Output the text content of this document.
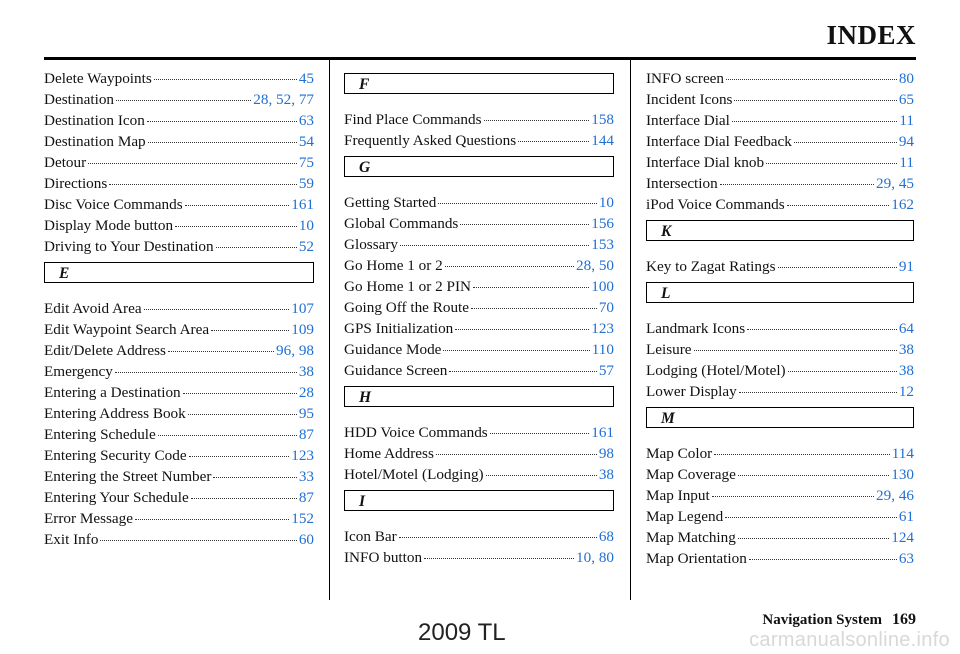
INDEX
Delete Waypoints	45
Destination	28, 52, 77
Destination Icon	63
Destination Map	54
Detour	75
Directions	59
Disc Voice Commands	161
Display Mode button	10
Driving to Your Destination	52
E
Edit Avoid Area	107
Edit Waypoint Search Area	109
Edit/Delete Address	96, 98
Emergency	38
Entering a Destination	28
Entering Address Book	95
Entering Schedule	87
Entering Security Code	123
Entering the Street Number	33
Entering Your Schedule	87
Error Message	152
Exit Info	60
F
Find Place Commands	158
Frequently Asked Questions	144
G
Getting Started	10
Global Commands	156
Glossary	153
Go Home 1 or 2	28, 50
Go Home 1 or 2 PIN	100
Going Off the Route	70
GPS Initialization	123
Guidance Mode	110
Guidance Screen	57
H
HDD Voice Commands	161
Home Address	98
Hotel/Motel (Lodging)	38
I
Icon Bar	68
INFO button	10, 80
INFO screen	80
Incident Icons	65
Interface Dial	11
Interface Dial Feedback	94
Interface Dial knob	11
Intersection	29, 45
iPod Voice Commands	162
K
Key to Zagat Ratings	91
L
Landmark Icons	64
Leisure	38
Lodging (Hotel/Motel)	38
Lower Display	12
M
Map Color	114
Map Coverage	130
Map Input	29, 46
Map Legend	61
Map Matching	124
Map Orientation	63
Navigation System 169
2009 TL	carmanualsonline.info
